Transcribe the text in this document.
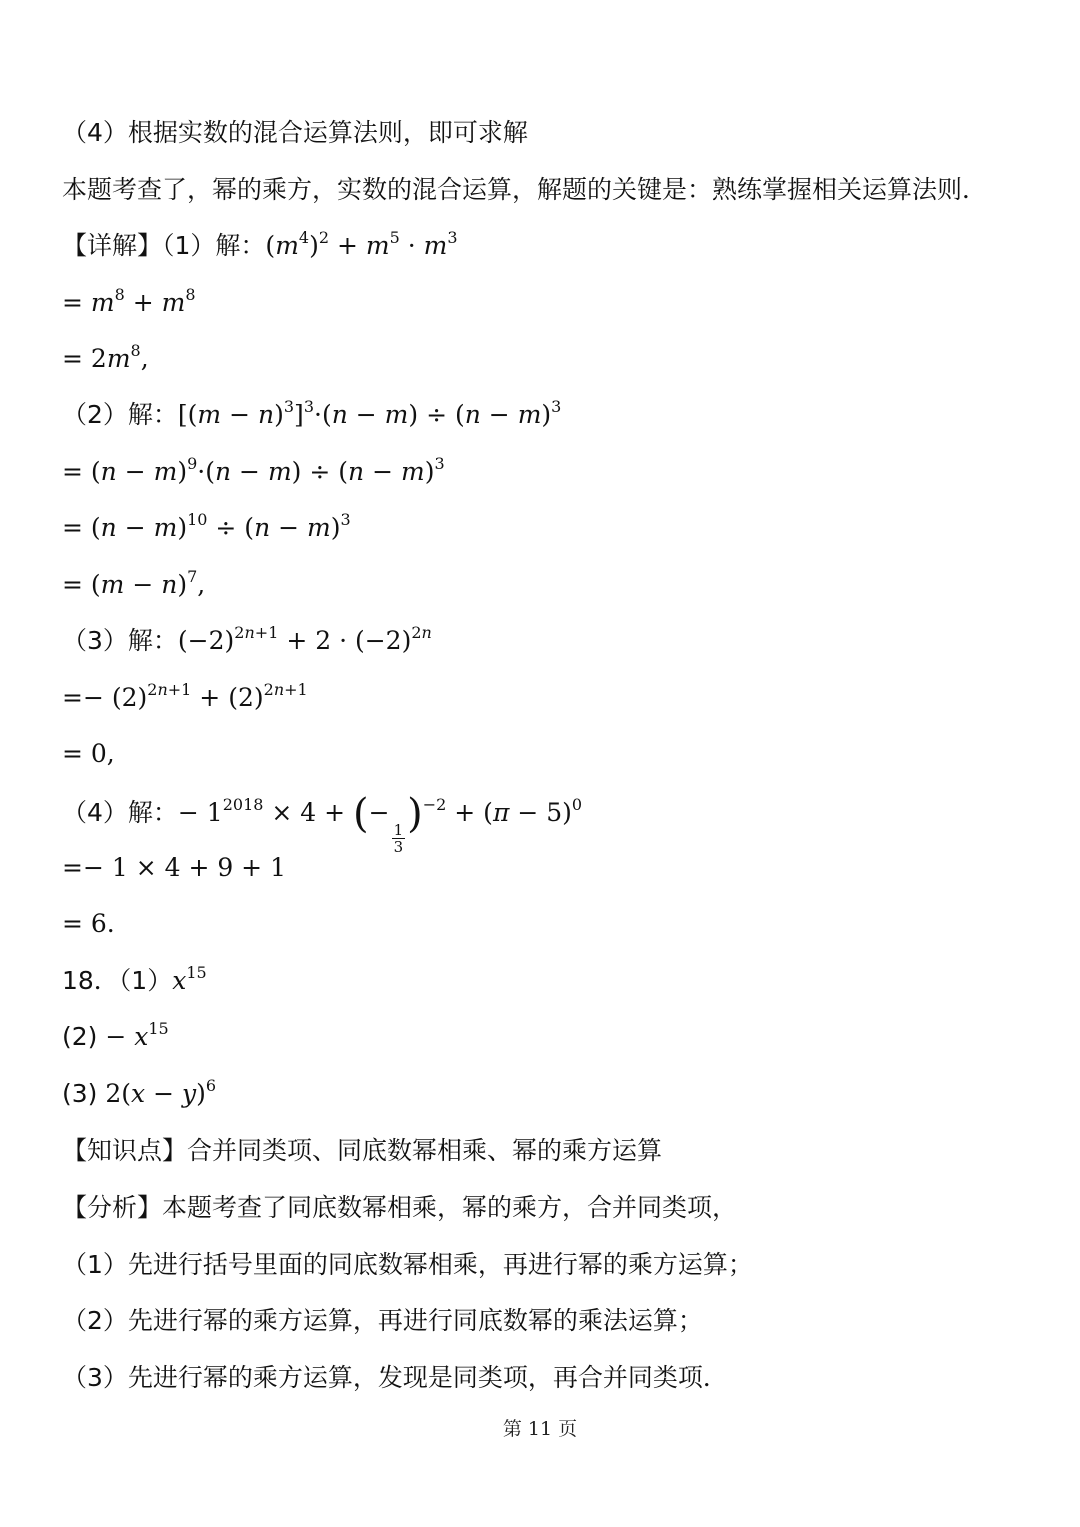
（4）根据实数的混合运算法则，即可求解
本题考查了，幂的乘方，实数的混合运算，解题的关键是：熟练掌握相关运算法则．
【详解】（1）解：$(m^4)^2 + m^5 \cdot m^3$
= $m^8 + m^8$
= $2m^8$,
（2）解：$[(m - n)^3]^3\cdot(n - m) \div (n - m)^3$
= $(n - m)^9\cdot(n - m) \div (n - m)^3$
= $(n - m)^{10} \div (n - m)^3$
= $(m - n)^7$,
（3）解：$(-2)^{2n+1} + 2 \cdot (-2)^{2n}$
=− $(2)^{2n+1} + (2)^{2n+1}$
= 0,
（4）解：− $1^{2018} \times 4$ + (−
$\frac{1}{3}$
)$^{-2} + (\pi - 5)^0$
=− 1 × 4 + 9 + 1
= 6.
18．$(1)x^{15}$
$(2) - x^{15}$
(3) $2(x - y)^6$
【知识点】合并同类项、同底数幂相乘、幂的乘方运算
【分析】本题考查了同底数幂相乘，幂的乘方，合并同类项，
（1）先进行括号里面的同底数幂相乘，再进行幂的乘方运算；
（2）先进行幂的乘方运算，再进行同底数幂的乘法运算；
（3）先进行幂的乘方运算，发现是同类项，再合并同类项．
第 11 页
